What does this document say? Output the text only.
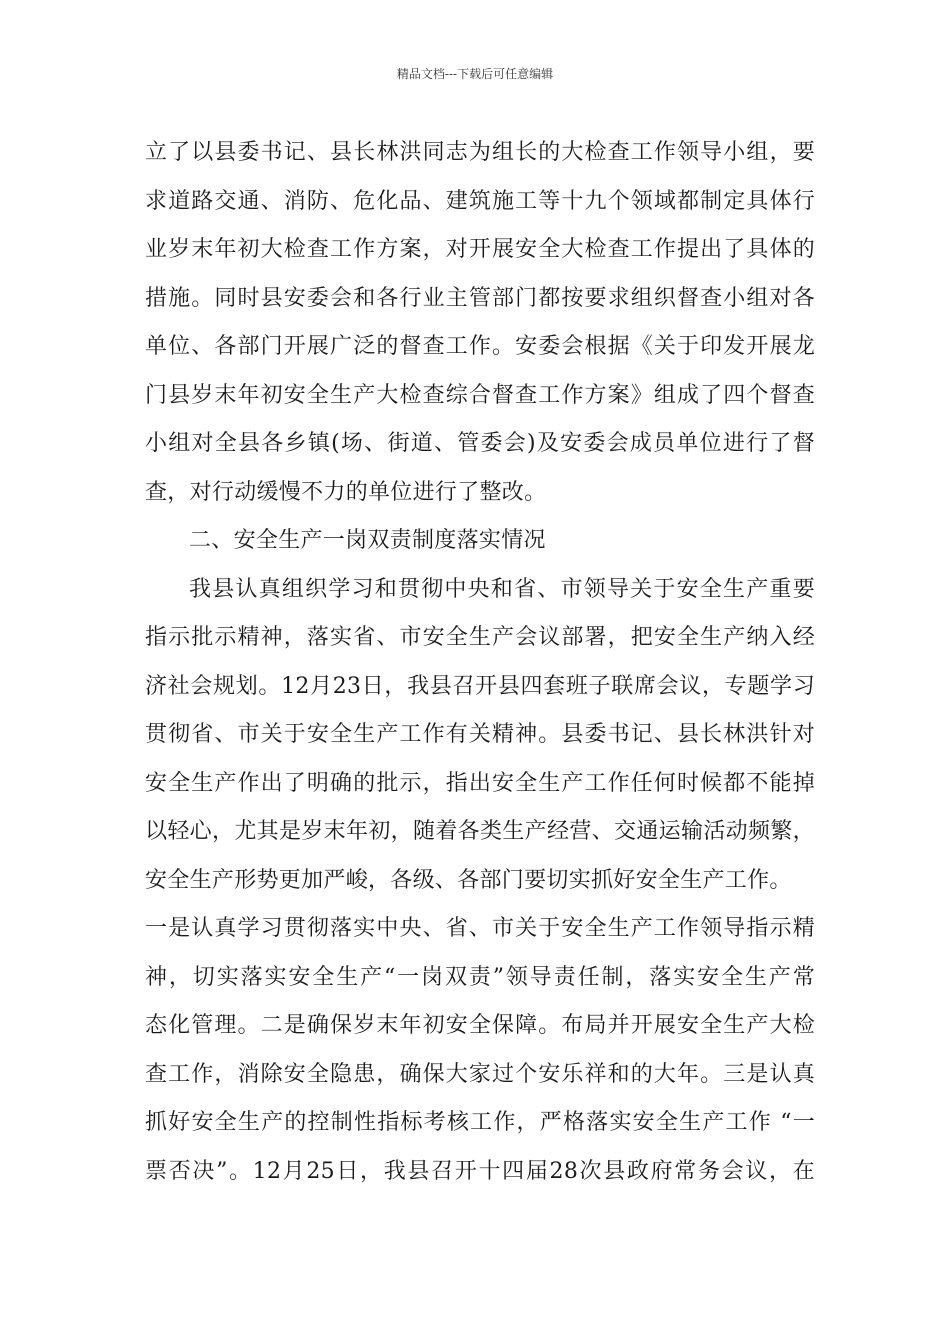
精品文档---下载后可任意编辑
立了以县委书记、县长林洪同志为组长的大检查工作领导小组，要
求道路交通、消防、危化品、建筑施工等十九个领域都制定具体行
业岁末年初大检查工作方案，对开展安全大检查工作提出了具体的
措施。同时县安委会和各行业主管部门都按要求组织督查小组对各
单位、各部门开展广泛的督查工作。安委会根据《关于印发开展龙
门县岁末年初安全生产大检查综合督查工作方案》组成了四个督查
小组对全县各乡镇(场、街道、管委会)及安委会成员单位进行了督
查，对行动缓慢不力的单位进行了整改。
二、安全生产一岗双责制度落实情况
我县认真组织学习和贯彻中央和省、市领导关于安全生产重要
指示批示精神，落实省、市安全生产会议部署，把安全生产纳入经
济社会规划。12月23日，我县召开县四套班子联席会议，专题学习
贯彻省、市关于安全生产工作有关精神。县委书记、县长林洪针对
安全生产作出了明确的批示，指出安全生产工作任何时候都不能掉
以轻心，尤其是岁末年初，随着各类生产经营、交通运输活动频繁，
安全生产形势更加严峻，各级、各部门要切实抓好安全生产工作。
一是认真学习贯彻落实中央、省、市关于安全生产工作领导指示精
神，切实落实安全生产“一岗双责”领导责任制，落实安全生产常
态化管理。二是确保岁末年初安全保障。布局并开展安全生产大检
查工作，消除安全隐患，确保大家过个安乐祥和的大年。三是认真
抓好安全生产的控制性指标考核工作，严格落实安全生产工作 “一
票否决”。12月25日，我县召开十四届28次县政府常务会议，在
